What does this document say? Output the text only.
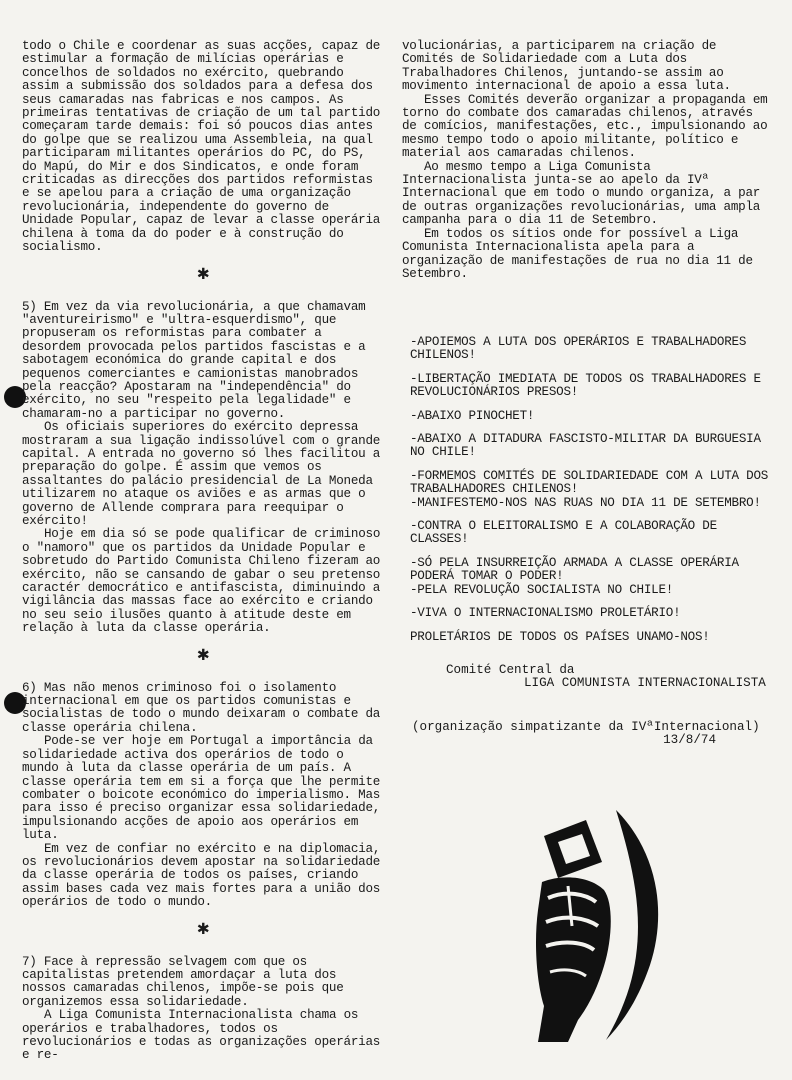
todo o Chile e coordenar as suas acções, capaz de estimular a formação de milícias operárias e concelhos de soldados no exército, quebrando assim a submissão dos soldados para a defesa dos seus camaradas nas fabricas e nos campos. As primeiras tentativas de criação de um tal partido começaram tarde demais: foi só poucos dias antes do golpe que se realizou uma Assembleia, na qual participaram militantes operários do PC, do PS, do Mapú, do Mir e dos Sindicatos, e onde foram criticadas as direcções dos partidos reformistas e se apelou para a criação de uma organização revolucionária, independente do governo de Unidade Popular, capaz de levar a classe operária chilena à toma da do poder e à construção do socialismo.

✱

5) Em vez da via revolucionária, a que chamavam "aventureirismo" e "ultra-esquerdismo", que propuseram os reformistas para combater a desordem provocada pelos partidos fascistas e a sabotagem económica do grande capital e dos pequenos comerciantes e camionistas manobrados pela reacção? Apostaram na "independência" do exército, no seu "respeito pela legalidade" e chamaram-no a participar no governo.

Os oficiais superiores do exército depressa mostraram a sua ligação indissolúvel com o grande capital. A entrada no governo só lhes facilitou a preparação do golpe. É assim que vemos os assaltantes do palácio presidencial de La Moneda utilizarem no ataque os aviões e as armas que o governo de Allende comprara para reequipar o exército!

Hoje em dia só se pode qualificar de criminoso o "namoro" que os partidos da Unidade Popular e sobretudo do Partido Comunista Chileno fizeram ao exército, não se cansando de gabar o seu pretenso caractér democrático e antifascista, diminuindo a vigilância das massas face ao exército e criando no seu seio ilusões quanto à atitude deste em relação à luta da classe operária.

✱

6) Mas não menos criminoso foi o isolamento internacional em que os partidos comunistas e socialistas de todo o mundo deixaram o combate da classe operária chilena.

Pode-se ver hoje em Portugal a importância da solidariedade activa dos operários de todo o mundo à luta da classe operária de um país. A classe operária tem em si a força que lhe permite combater o boicote económico do imperialismo. Mas para isso é preciso organizar essa solidariedade, impulsionando acções de apoio aos operários em luta.

Em vez de confiar no exército e na diplomacia, os revolucionários devem apostar na solidariedade da classe operária de todos os países, criando assim bases cada vez mais fortes para a união dos operários de todo o mundo.

✱

7) Face à repressão selvagem com que os capitalistas pretendem amordaçar a luta dos nossos camaradas chilenos, impõe-se pois que organizemos essa solidariedade.

A Liga Comunista Internacionalista chama os operários e trabalhadores, todos os revolucionários e todas as organizações operárias e re-

volucionárias, a participarem na criação de Comités de Solidariedade com a Luta dos Trabalhadores Chilenos, juntando-se assim ao movimento internacional de apoio a essa luta.

Esses Comités deverão organizar a propaganda em torno do combate dos camaradas chilenos, através de comícios, manifestações, etc., impulsionando ao mesmo tempo todo o apoio militante, político e material aos camaradas chilenos.

Ao mesmo tempo a Liga Comunista Internacionalista junta-se ao apelo da IVª Internacional que em todo o mundo organiza, a par de outras organizações revolucionárias, uma ampla campanha para o dia 11 de Setembro.

Em todos os sítios onde for possível a Liga Comunista Internacionalista apela para a organização de manifestações de rua no dia 11 de Setembro.

-APOIEMOS A LUTA DOS OPERÁRIOS E TRABALHADORES CHILENOS!

-LIBERTAÇÃO IMEDIATA DE TODOS OS TRABALHADORES E REVOLUCIONÁRIOS PRESOS!

-ABAIXO PINOCHET!

-ABAIXO A DITADURA FASCISTO-MILITAR DA BURGUESIA NO CHILE!

-FORMEMOS COMITÉS DE SOLIDARIEDADE COM A LUTA DOS TRABALHADORES CHILENOS!

-MANIFESTEMO-NOS NAS RUAS NO DIA 11 DE SETEMBRO!

-CONTRA O ELEITORALISMO E A COLABORAÇÃO DE CLASSES!

-SÓ PELA INSURREIÇÃO ARMADA A CLASSE OPERÁRIA PODERÁ TOMAR O PODER!

-PELA REVOLUÇÃO SOCIALISTA NO CHILE!

-VIVA O INTERNACIONALISMO PROLETÁRIO!

PROLETÁRIOS DE TODOS OS PAÍSES UNAMO-NOS!

Comité Central da
LIGA COMUNISTA INTERNACIONALISTA
(organização simpatizante da IVªInternacional)
13/8/74
